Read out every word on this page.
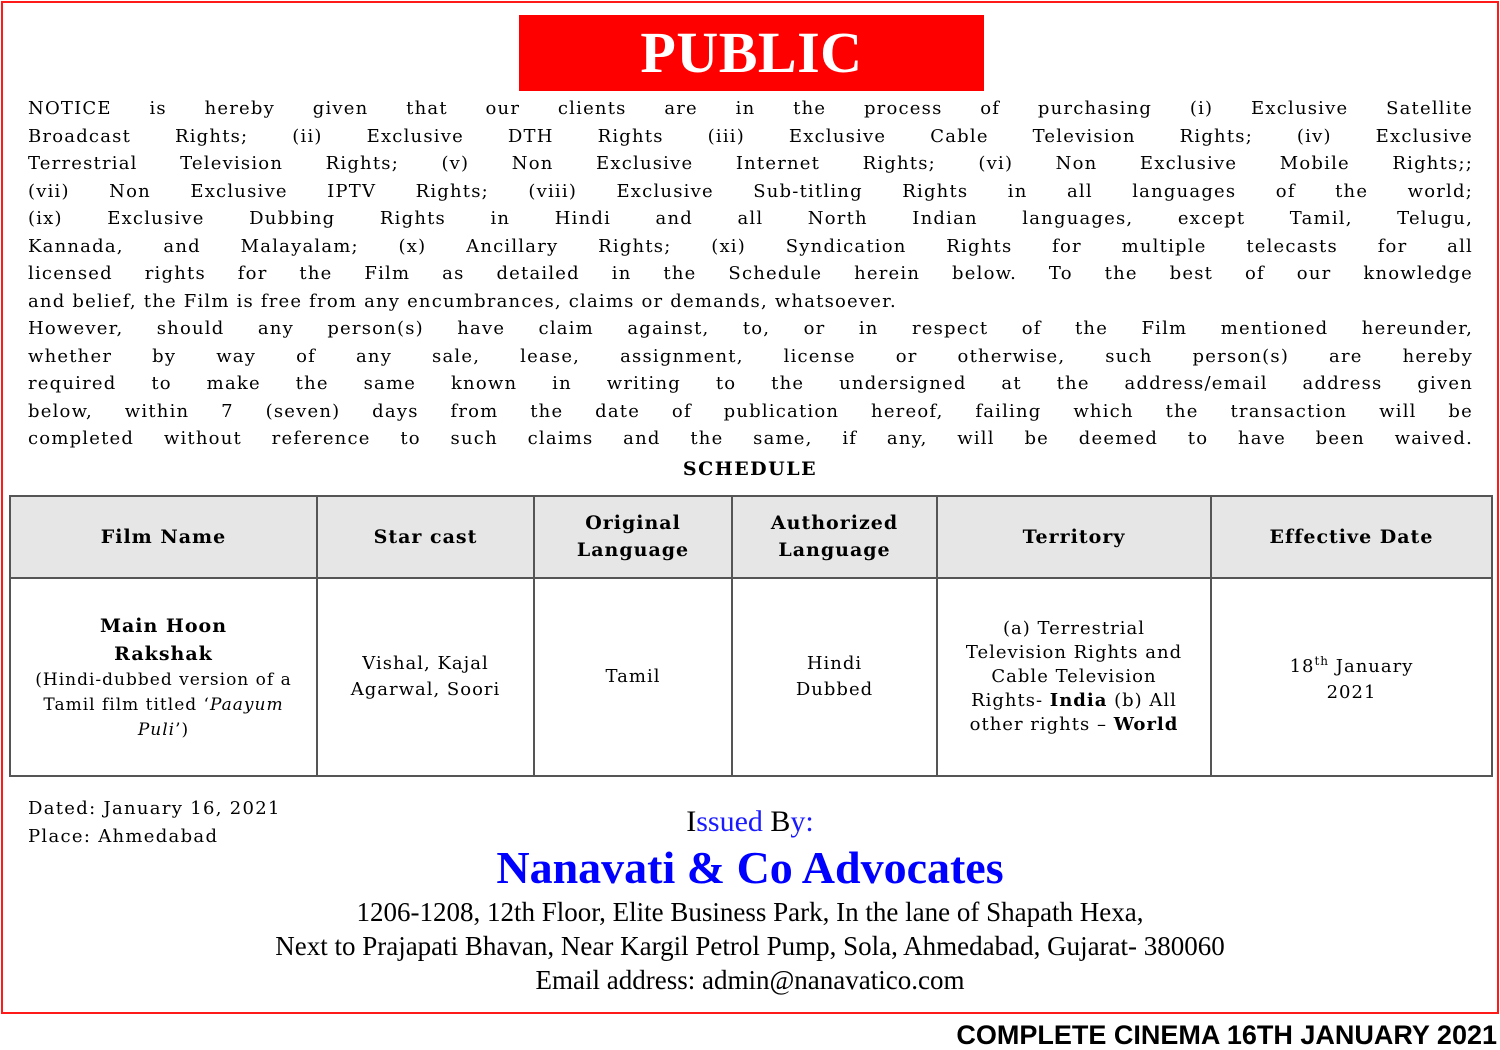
PUBLIC
NOTICE is hereby given that our clients are in the process of purchasing (i) Exclusive Satellite
Broadcast Rights; (ii) Exclusive DTH Rights (iii) Exclusive Cable Television Rights; (iv) Exclusive
Terrestrial Television Rights; (v) Non Exclusive Internet Rights; (vi) Non Exclusive Mobile Rights;;
(vii) Non Exclusive IPTV Rights; (viii) Exclusive Sub-titling Rights in all languages of the world;
(ix) Exclusive Dubbing Rights in Hindi and all North Indian languages, except Tamil, Telugu,
Kannada, and Malayalam; (x) Ancillary Rights; (xi) Syndication Rights for multiple telecasts for all
licensed rights for the Film as detailed in the Schedule herein below. To the best of our knowledge
and belief, the Film is free from any encumbrances, claims or demands, whatsoever.
However, should any person(s) have claim against, to, or in respect of the Film mentioned hereunder,
whether by way of any sale, lease, assignment, license or otherwise, such person(s) are hereby
required to make the same known in writing to the undersigned at the address/email address given
below, within 7 (seven) days from the date of publication hereof, failing which the transaction will be
completed without reference to such claims and the same, if any, will be deemed to have been waived.
SCHEDULE
Film Name	Star cast	Original Language	Authorized Language	Territory	Effective Date

Main Hoon Rakshak
(Hindi-dubbed version of a Tamil film titled ‘Paayum Puli’)	Vishal, Kajal Agarwal, Soori	Tamil	Hindi Dubbed	(a) Terrestrial Television Rights and Cable Television Rights- India (b) All other rights – World	18th January 2021
Dated: January 16, 2021
Place: Ahmedabad	Issued By:
Nanavati & Co Advocates
1206-1208, 12th Floor, Elite Business Park, In the lane of Shapath Hexa,
Next to Prajapati Bhavan, Near Kargil Petrol Pump, Sola, Ahmedabad, Gujarat- 380060
Email address: admin@nanavatico.com
COMPLETE CINEMA 16TH JANUARY 2021
